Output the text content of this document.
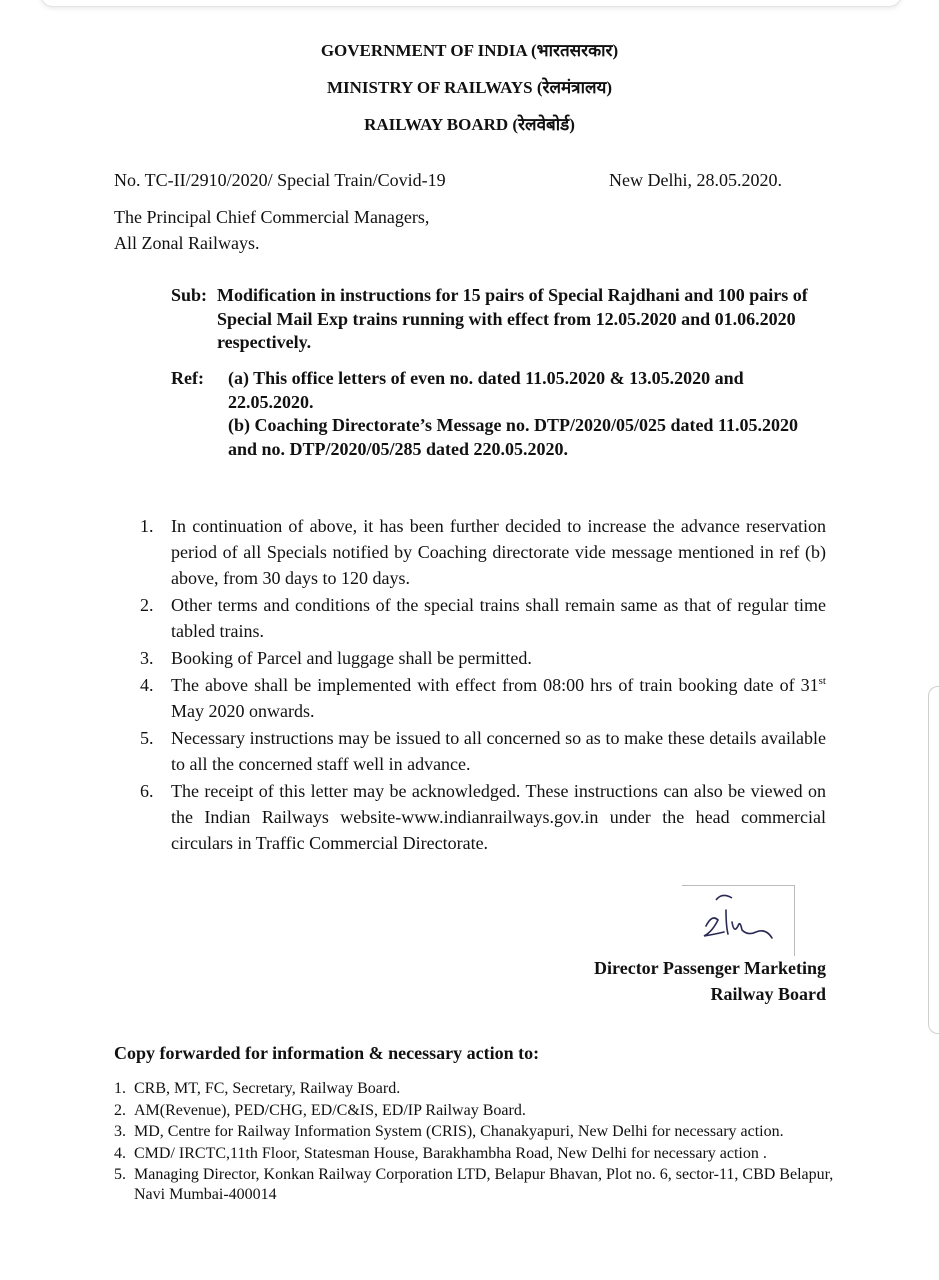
GOVERNMENT OF INDIA (भारतसरकार)
MINISTRY OF RAILWAYS (रेलमंत्रालय)
RAILWAY BOARD (रेलवेबोर्ड)
No. TC-II/2910/2020/ Special Train/Covid-19	New Delhi, 28.05.2020.
The Principal Chief Commercial Managers,
All Zonal Railways.
Sub: Modification in instructions for 15 pairs of Special Rajdhani and 100 pairs of Special Mail Exp trains running with effect from 12.05.2020 and 01.06.2020 respectively.
Ref: (a) This office letters of even no. dated 11.05.2020 & 13.05.2020 and 22.05.2020.
(b) Coaching Directorate’s Message no. DTP/2020/05/025 dated 11.05.2020 and no. DTP/2020/05/285 dated 220.05.2020.
1. In continuation of above, it has been further decided to increase the advance reservation period of all Specials notified by Coaching directorate vide message mentioned in ref (b) above, from 30 days to 120 days.
2. Other terms and conditions of the special trains shall remain same as that of regular time tabled trains.
3. Booking of Parcel and luggage shall be permitted.
4. The above shall be implemented with effect from 08:00 hrs of train booking date of 31st May 2020 onwards.
5. Necessary instructions may be issued to all concerned so as to make these details available to all the concerned staff well in advance.
6. The receipt of this letter may be acknowledged. These instructions can also be viewed on the Indian Railways website-www.indianrailways.gov.in under the head commercial circulars in Traffic Commercial Directorate.
Director Passenger Marketing
Railway Board
Copy forwarded for information & necessary action to:
1. CRB, MT, FC, Secretary, Railway Board.
2. AM(Revenue), PED/CHG, ED/C&IS, ED/IP Railway Board.
3. MD, Centre for Railway Information System (CRIS), Chanakyapuri, New Delhi for necessary action.
4. CMD/ IRCTC,11th Floor, Statesman House, Barakhambha Road, New Delhi for necessary action .
5. Managing Director, Konkan Railway Corporation LTD, Belapur Bhavan, Plot no. 6, sector-11, CBD Belapur, Navi Mumbai-400014
